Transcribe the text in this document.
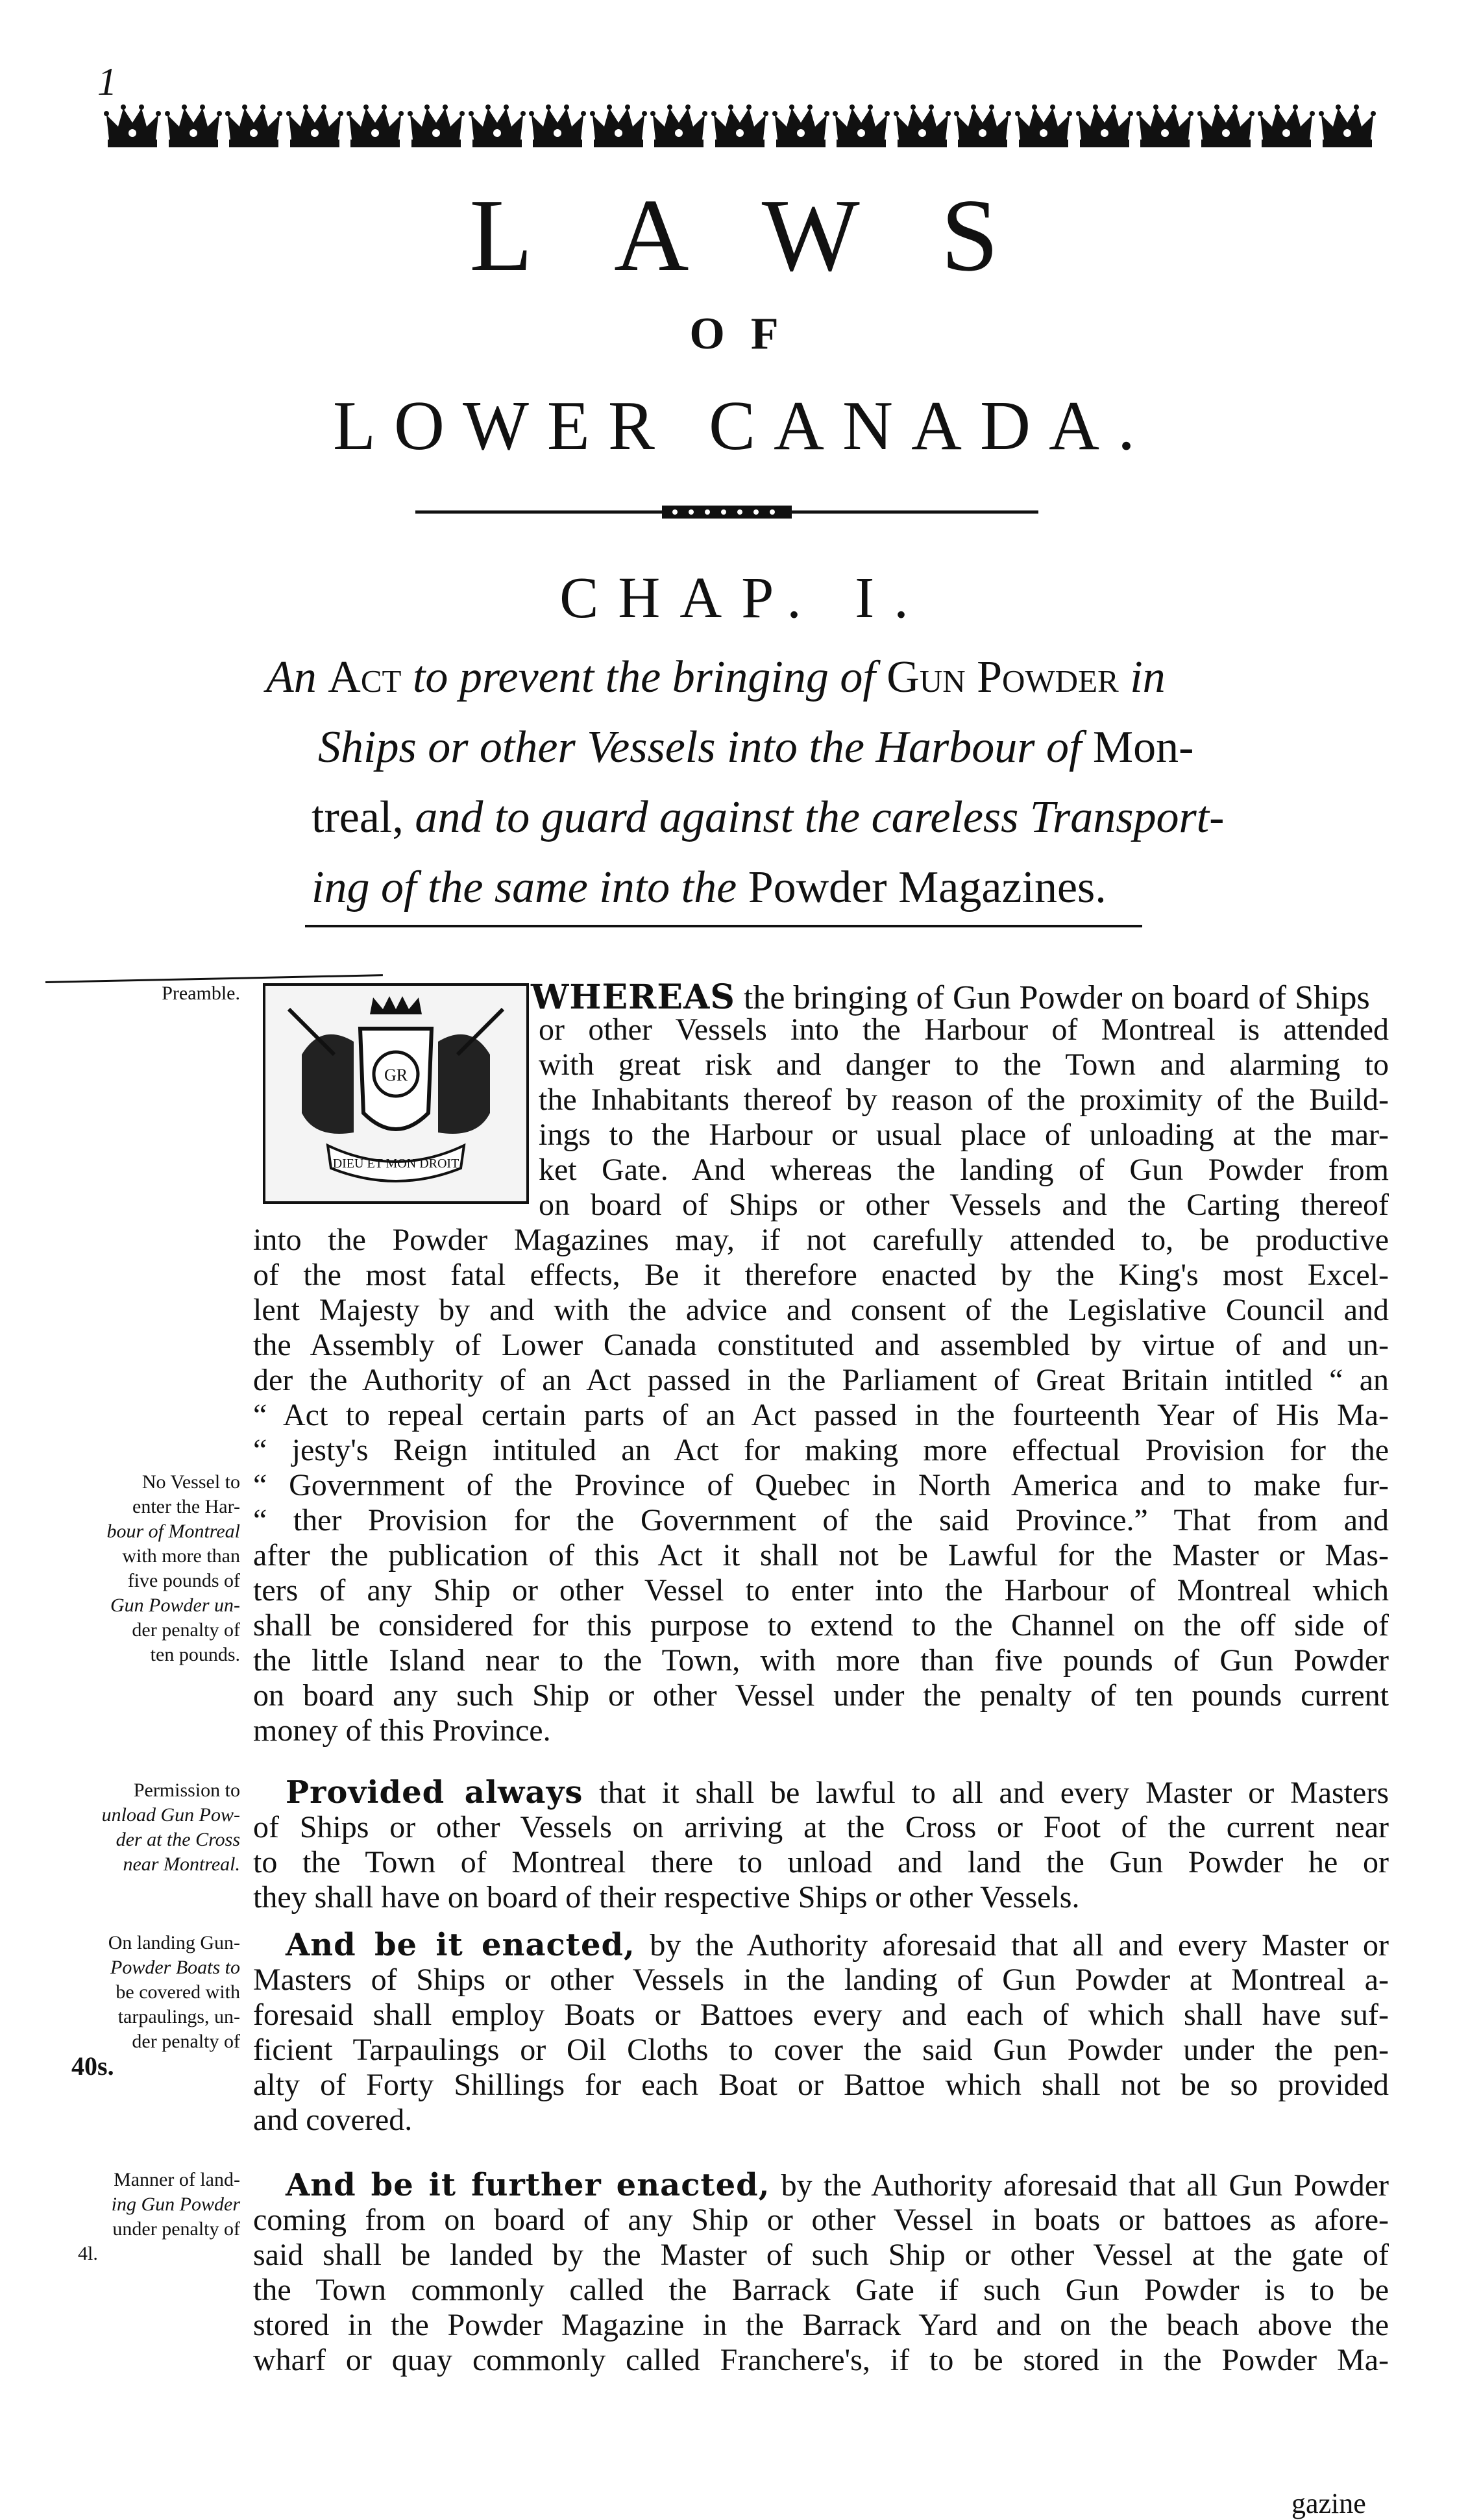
1
LAWS
OF
LOWER CANADA.
CHAP. I.
An Act to prevent the bringing of Gun Powder in
Ships or other Vessels into the Harbour of Mon-
treal, and to guard against the careless Transport-
ing of the same into the Powder Magazines.
Preamble.
No Vessel to
enter the Har-
bour of Montreal
with more than
five pounds of
Gun Powder un-
der penalty of
ten pounds.
Permission to
unload Gun Pow-
der at the Cross
near Montreal.
On landing Gun-
Powder Boats to
be covered with
tarpaulings, un-
der penalty of
40s.
Manner of land-
ing Gun Powder
under penalty of
4l.
GR
DIEU ET MON DROIT
WHEREAS the bringing of Gun Powder on board of Ships
or other Vessels into the Harbour of Montreal is attended
with great risk and danger to the Town and alarming to
the Inhabitants thereof by reason of the proximity of the Build-
ings to the Harbour or usual place of unloading at the mar-
ket Gate. And whereas the landing of Gun Powder from
on board of Ships or other Vessels and the Carting thereof
into the Powder Magazines may, if not carefully attended to, be productive
of the most fatal effects, Be it therefore enacted by the King's most Excel-
lent Majesty by and with the advice and consent of the Legislative Council and
the Assembly of Lower Canada constituted and assembled by virtue of and un-
der the Authority of an Act passed in the Parliament of Great Britain intitled “ an
“ Act to repeal certain parts of an Act passed in the fourteenth Year of His Ma-
“ jesty's Reign intituled an Act for making more effectual Provision for the
“ Government of the Province of Quebec in North America and to make fur-
“ ther Provision for the Government of the said Province.” That from and
after the publication of this Act it shall not be Lawful for the Master or Mas-
ters of any Ship or other Vessel to enter into the Harbour of Montreal which
shall be considered for this purpose to extend to the Channel on the off side of
the little Island near to the Town, with more than five pounds of Gun Powder
on board any such Ship or other Vessel under the penalty of ten pounds current
money of this Province.
Provided always that it shall be lawful to all and every Master or Masters
of Ships or other Vessels on arriving at the Cross or Foot of the current near
to the Town of Montreal there to unload and land the Gun Powder he or
they shall have on board of their respective Ships or other Vessels.
And be it enacted, by the Authority aforesaid that all and every Master or
Masters of Ships or other Vessels in the landing of Gun Powder at Montreal a-
foresaid shall employ Boats or Battoes every and each of which shall have suf-
ficient Tarpaulings or Oil Cloths to cover the said Gun Powder under the pen-
alty of Forty Shillings for each Boat or Battoe which shall not be so provided
and covered.
And be it further enacted, by the Authority aforesaid that all Gun Powder
coming from on board of any Ship or other Vessel in boats or battoes as afore-
said shall be landed by the Master of such Ship or other Vessel at the gate of
the Town commonly called the Barrack Gate if such Gun Powder is to be
stored in the Powder Magazine in the Barrack Yard and on the beach above the
wharf or quay commonly called Franchere's, if to be stored in the Powder Ma-
gazine
